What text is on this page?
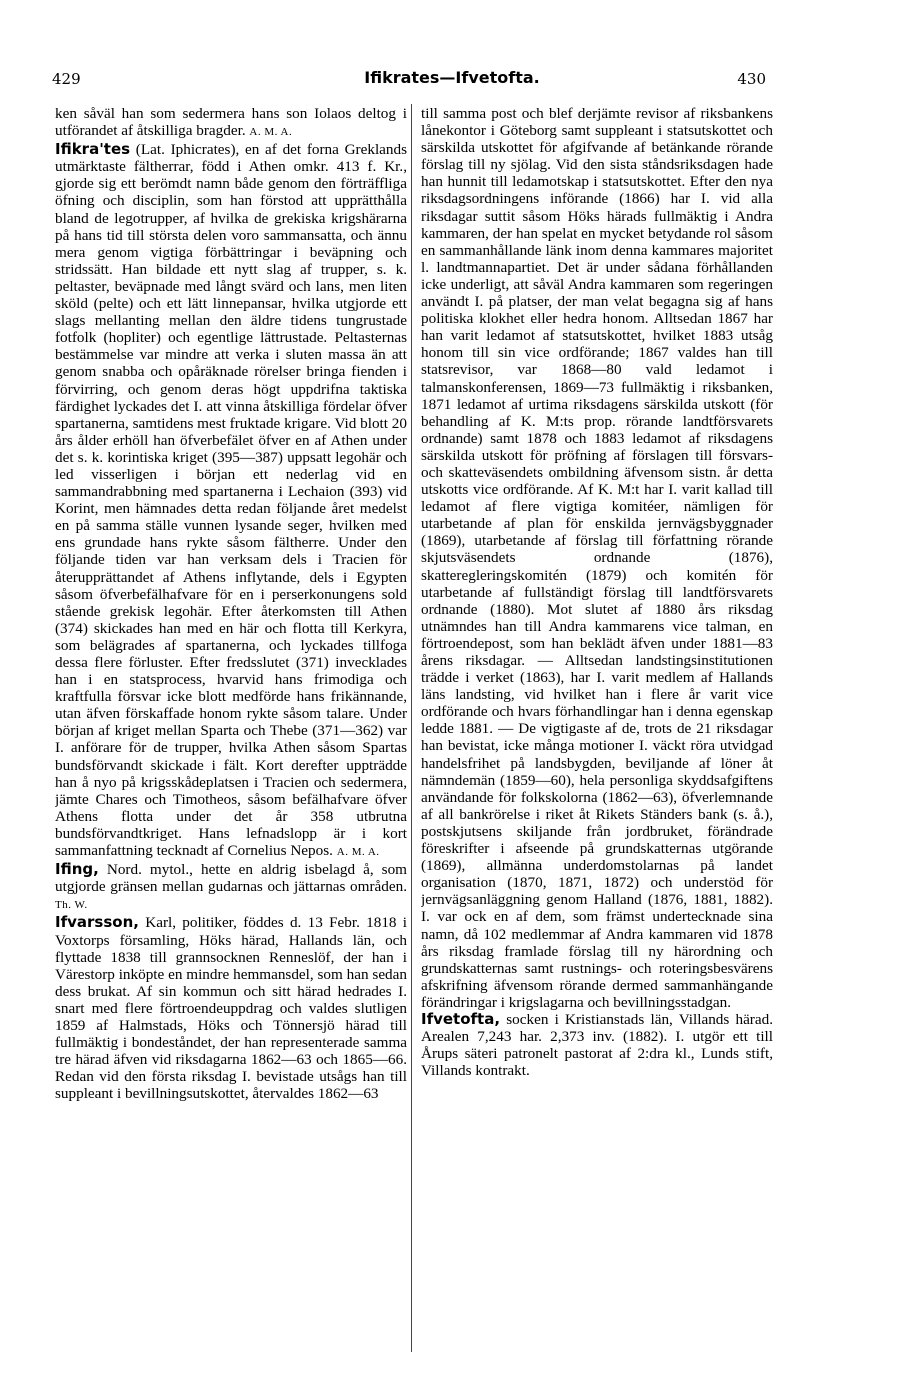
429	Ifikrates—Ifvetofta.	430

ken såväl han som sedermera hans son Iolaos deltog i utförandet af åtskilliga bragder. A. M. A.

Ifikra'tes (Lat. Iphicrates), en af det forna Greklands utmärktaste fältherrar, född i Athen omkr. 413 f. Kr., gjorde sig ett berömdt namn både genom den förträffliga öfning och disciplin, som han förstod att upprätthålla bland de legotrupper, af hvilka de grekiska krigshärarna på hans tid till största delen voro sammansatta, och ännu mera genom vigtiga förbättringar i beväpning och stridssätt. Han bildade ett nytt slag af trupper, s. k. peltaster, beväpnade med långt svärd och lans, men liten sköld (pelte) och ett lätt linnepansar, hvilka utgjorde ett slags mellanting mellan den äldre tidens tungrustade fotfolk (hopliter) och egentlige lättrustade. Peltasternas bestämmelse var mindre att verka i sluten massa än att genom snabba och opåräknade rörelser bringa fienden i förvirring, och genom deras högt uppdrifna taktiska färdighet lyckades det I. att vinna åtskilliga fördelar öfver spartanerna, samtidens mest fruktade krigare. Vid blott 20 års ålder erhöll han öfverbefälet öfver en af Athen under det s. k. korintiska kriget (395—387) uppsatt legohär och led visserligen i början ett nederlag vid en sammandrabbning med spartanerna i Lechaion (393) vid Korint, men hämnades detta redan följande året medelst en på samma ställe vunnen lysande seger, hvilken med ens grundade hans rykte såsom fältherre. Under den följande tiden var han verksam dels i Tracien för återupprättandet af Athens inflytande, dels i Egypten såsom öfverbefälhafvare för en i perserkonungens sold stående grekisk legohär. Efter återkomsten till Athen (374) skickades han med en här och flotta till Kerkyra, som belägrades af spartanerna, och lyckades tillfoga dessa flere förluster. Efter fredsslutet (371) invecklades han i en statsprocess, hvarvid hans frimodiga och kraftfulla försvar icke blott medförde hans frikännande, utan äfven förskaffade honom rykte såsom talare. Under början af kriget mellan Sparta och Thebe (371—362) var I. anförare för de trupper, hvilka Athen såsom Spartas bundsförvandt skickade i fält. Kort derefter uppträdde han å nyo på krigsskådeplatsen i Tracien och sedermera, jämte Chares och Timotheos, såsom befälhafvare öfver Athens flotta under det år 358 utbrutna bundsförvandtkriget. Hans lefnadslopp är i kort sammanfattning tecknadt af Cornelius Nepos. A. M. A.

Ifing, Nord. mytol., hette en aldrig isbelagd å, som utgjorde gränsen mellan gudarnas och jättarnas områden. Th. W.

Ifvarsson, Karl, politiker, föddes d. 13 Febr. 1818 i Voxtorps församling, Höks härad, Hallands län, och flyttade 1838 till grannsocknen Renneslöf, der han i Värestorp inköpte en mindre hemmansdel, som han sedan dess brukat. Af sin kommun och sitt härad hedrades I. snart med flere förtroendeuppdrag och valdes slutligen 1859 af Halmstads, Höks och Tönnersjö härad till fullmäktig i bondeståndet, der han representerade samma tre härad äfven vid riksdagarna 1862—63 och 1865—66. Redan vid den första riksdag I. bevistade utsågs han till suppleant i bevillningsutskottet, återvaldes 1862—63

till samma post och blef derjämte revisor af riksbankens lånekontor i Göteborg samt suppleant i statsutskottet och särskilda utskottet för afgifvande af betänkande rörande förslag till ny sjölag. Vid den sista ståndsriksdagen hade han hunnit till ledamotskap i statsutskottet. Efter den nya riksdagsordningens införande (1866) har I. vid alla riksdagar suttit såsom Höks härads fullmäktig i Andra kammaren, der han spelat en mycket betydande rol såsom en sammanhållande länk inom denna kammares majoritet l. landtmannapartiet. Det är under sådana förhållanden icke underligt, att såväl Andra kammaren som regeringen användt I. på platser, der man velat begagna sig af hans politiska klokhet eller hedra honom. Alltsedan 1867 har han varit ledamot af statsutskottet, hvilket 1883 utsåg honom till sin vice ordförande; 1867 valdes han till statsrevisor, var 1868—80 vald ledamot i talmanskonferensen, 1869—73 fullmäktig i riksbanken, 1871 ledamot af urtima riksdagens särskilda utskott (för behandling af K. M:ts prop. rörande landtförsvarets ordnande) samt 1878 och 1883 ledamot af riksdagens särskilda utskott för pröfning af förslagen till försvars- och skatteväsendets ombildning äfvensom sistn. år detta utskotts vice ordförande. Af K. M:t har I. varit kallad till ledamot af flere vigtiga komitéer, nämligen för utarbetande af plan för enskilda jernvägsbyggnader (1869), utarbetande af förslag till författning rörande skjutsväsendets ordnande (1876), skatteregleringskomitén (1879) och komitén för utarbetande af fullständigt förslag till landtförsvarets ordnande (1880). Mot slutet af 1880 års riksdag utnämndes han till Andra kammarens vice talman, en förtroendepost, som han beklädt äfven under 1881—83 årens riksdagar. — Alltsedan landstingsinstitutionen trädde i verket (1863), har I. varit medlem af Hallands läns landsting, vid hvilket han i flere år varit vice ordförande och hvars förhandlingar han i denna egenskap ledde 1881. — De vigtigaste af de, trots de 21 riksdagar han bevistat, icke många motioner I. väckt röra utvidgad handelsfrihet på landsbygden, beviljande af löner åt nämndemän (1859—60), hela personliga skyddsafgiftens användande för folkskolorna (1862—63), öfverlemnande af all bankrörelse i riket åt Rikets Ständers bank (s. å.), postskjutsens skiljande från jordbruket, förändrade föreskrifter i afseende på grundskatternas utgörande (1869), allmänna underdomstolarnas på landet organisation (1870, 1871, 1872) och understöd för jernvägsanläggning genom Halland (1876, 1881, 1882). I. var ock en af dem, som främst undertecknade sina namn, då 102 medlemmar af Andra kammaren vid 1878 års riksdag framlade förslag till ny härordning och grundskatternas samt rustnings- och roteringsbesvärens afskrifning äfvensom rörande dermed sammanhängande förändringar i krigslagarna och bevillningsstadgan.

Ifvetofta, socken i Kristianstads län, Villands härad. Arealen 7,243 har. 2,373 inv. (1882). I. utgör ett till Årups säteri patronelt pastorat af 2:dra kl., Lunds stift, Villands kontrakt.
